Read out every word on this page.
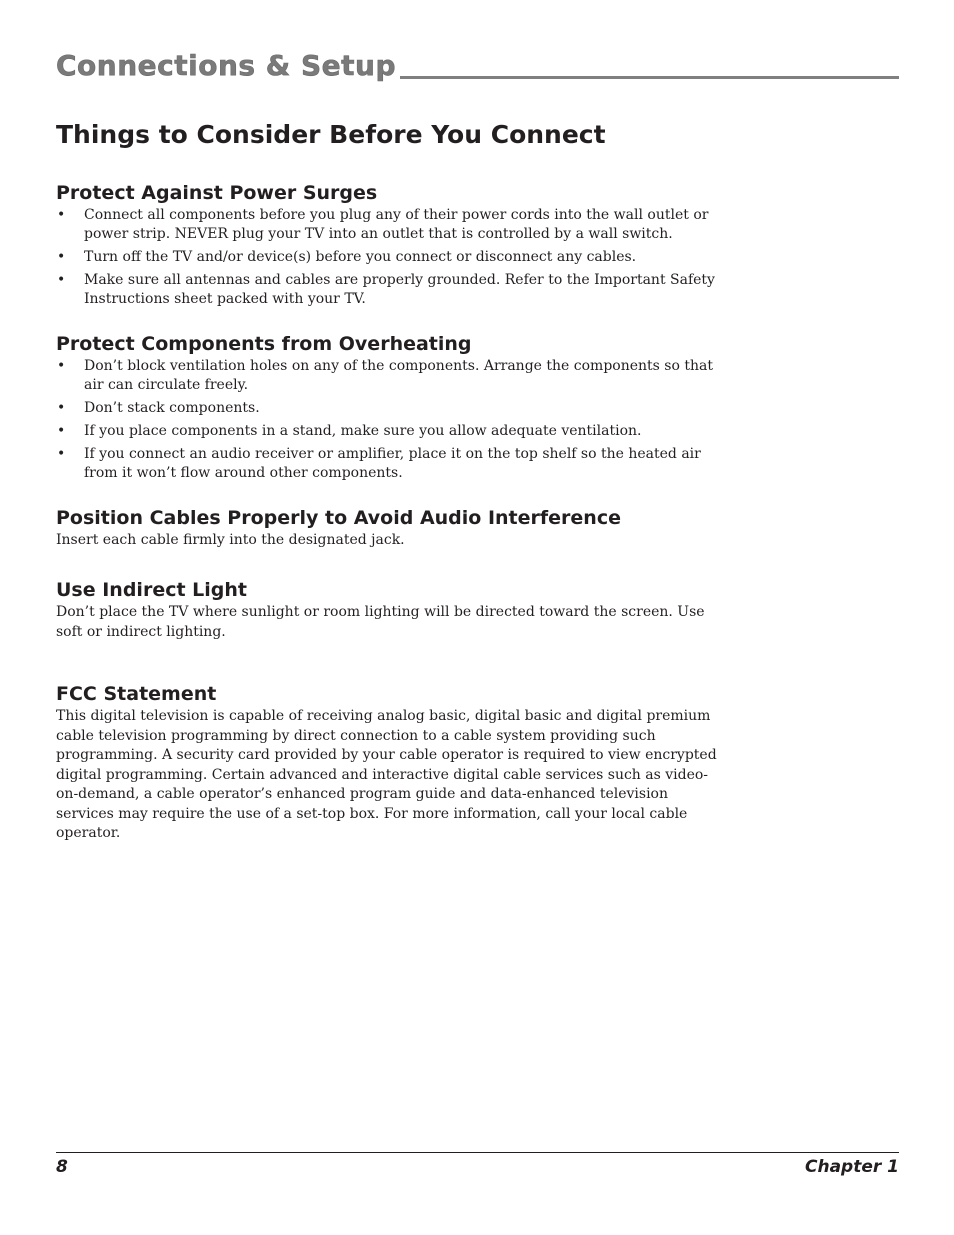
Connections & Setup
Things to Consider Before You Connect
Protect Against Power Surges
• Connect all components before you plug any of their power cords into the wall outlet or power strip. NEVER plug your TV into an outlet that is controlled by a wall switch.
• Turn off the TV and/or device(s) before you connect or disconnect any cables.
• Make sure all antennas and cables are properly grounded. Refer to the Important Safety Instructions sheet packed with your TV.
Protect Components from Overheating
• Don’t block ventilation holes on any of the components. Arrange the components so that air can circulate freely.
• Don’t stack components.
• If you place components in a stand, make sure you allow adequate ventilation.
• If you connect an audio receiver or amplifier, place it on the top shelf so the heated air from it won’t flow around other components.
Position Cables Properly to Avoid Audio Interference

Insert each cable firmly into the designated jack.

Use Indirect Light

Don’t place the TV where sunlight or room lighting will be directed toward the screen. Use soft or indirect lighting.

FCC Statement

This digital television is capable of receiving analog basic, digital basic and digital premium cable television programming by direct connection to a cable system providing such programming. A security card provided by your cable operator is required to view encrypted digital programming. Certain advanced and interactive digital cable services such as video-on-demand, a cable operator’s enhanced program guide and data-enhanced television services may require the use of a set-top box. For more information, call your local cable operator.

8	Chapter 1
